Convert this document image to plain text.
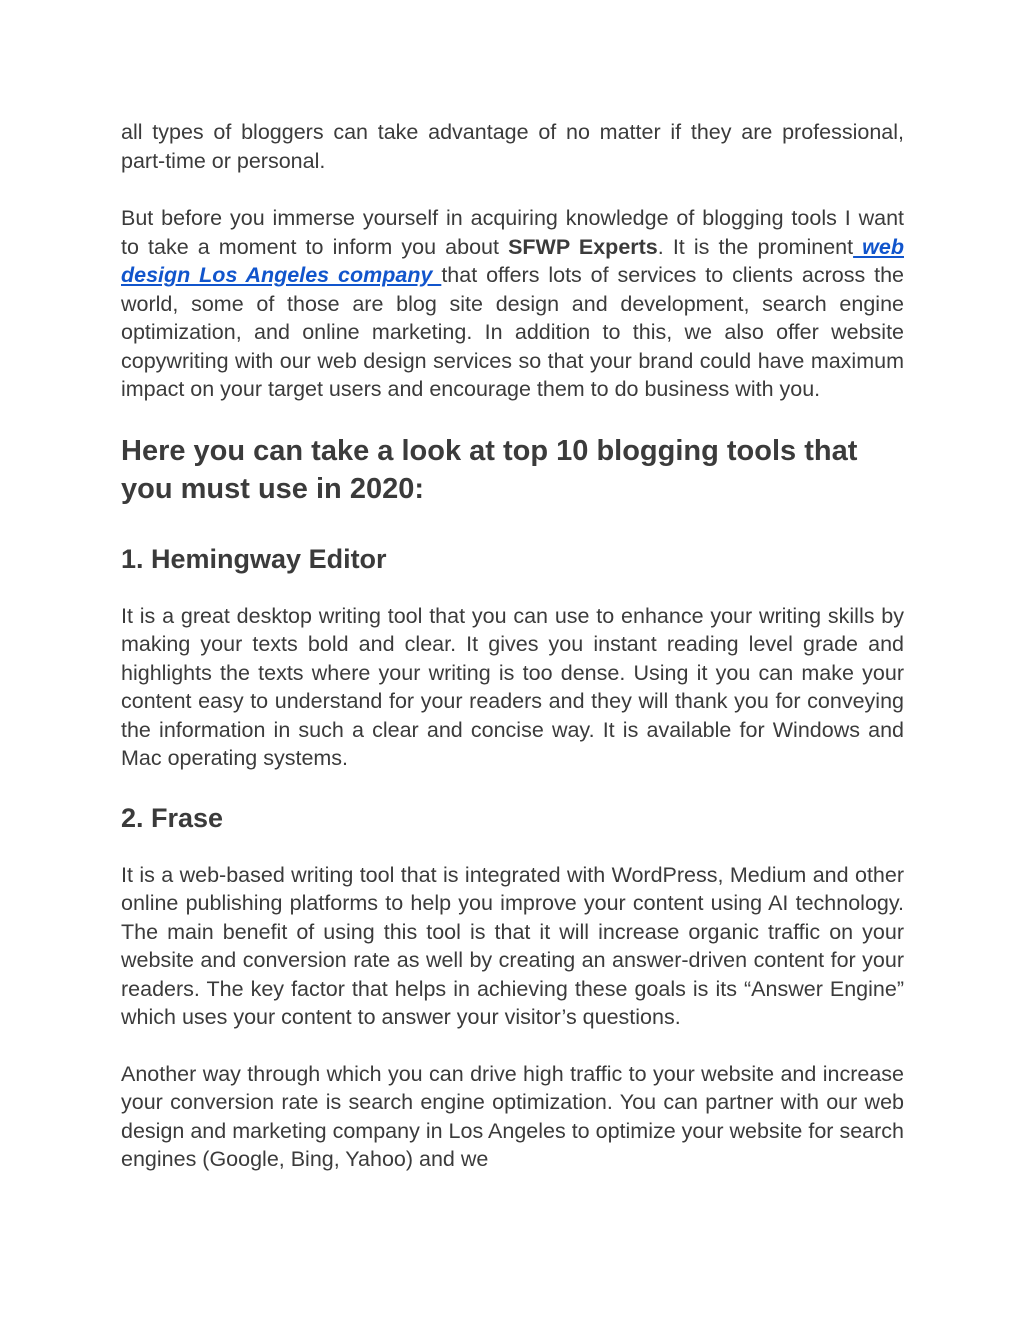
all types of bloggers can take advantage of no matter if they are professional, part-time or personal.

But before you immerse yourself in acquiring knowledge of blogging tools I want to take a moment to inform you about SFWP Experts. It is the prominent web design Los Angeles company that offers lots of services to clients across the world, some of those are blog site design and development, search engine optimization, and online marketing. In addition to this, we also offer website copywriting with our web design services so that your brand could have maximum impact on your target users and encourage them to do business with you.

Here you can take a look at top 10 blogging tools that you must use in 2020:
1. Hemingway Editor

It is a great desktop writing tool that you can use to enhance your writing skills by making your texts bold and clear. It gives you instant reading level grade and highlights the texts where your writing is too dense. Using it you can make your content easy to understand for your readers and they will thank you for conveying the information in such a clear and concise way. It is available for Windows and Mac operating systems.

2. Frase

It is a web-based writing tool that is integrated with WordPress, Medium and other online publishing platforms to help you improve your content using AI technology. The main benefit of using this tool is that it will increase organic traffic on your website and conversion rate as well by creating an answer-driven content for your readers. The key factor that helps in achieving these goals is its “Answer Engine” which uses your content to answer your visitor’s questions.

Another way through which you can drive high traffic to your website and increase your conversion rate is search engine optimization. You can partner with our web design and marketing company in Los Angeles to optimize your website for search engines (Google, Bing, Yahoo) and we
